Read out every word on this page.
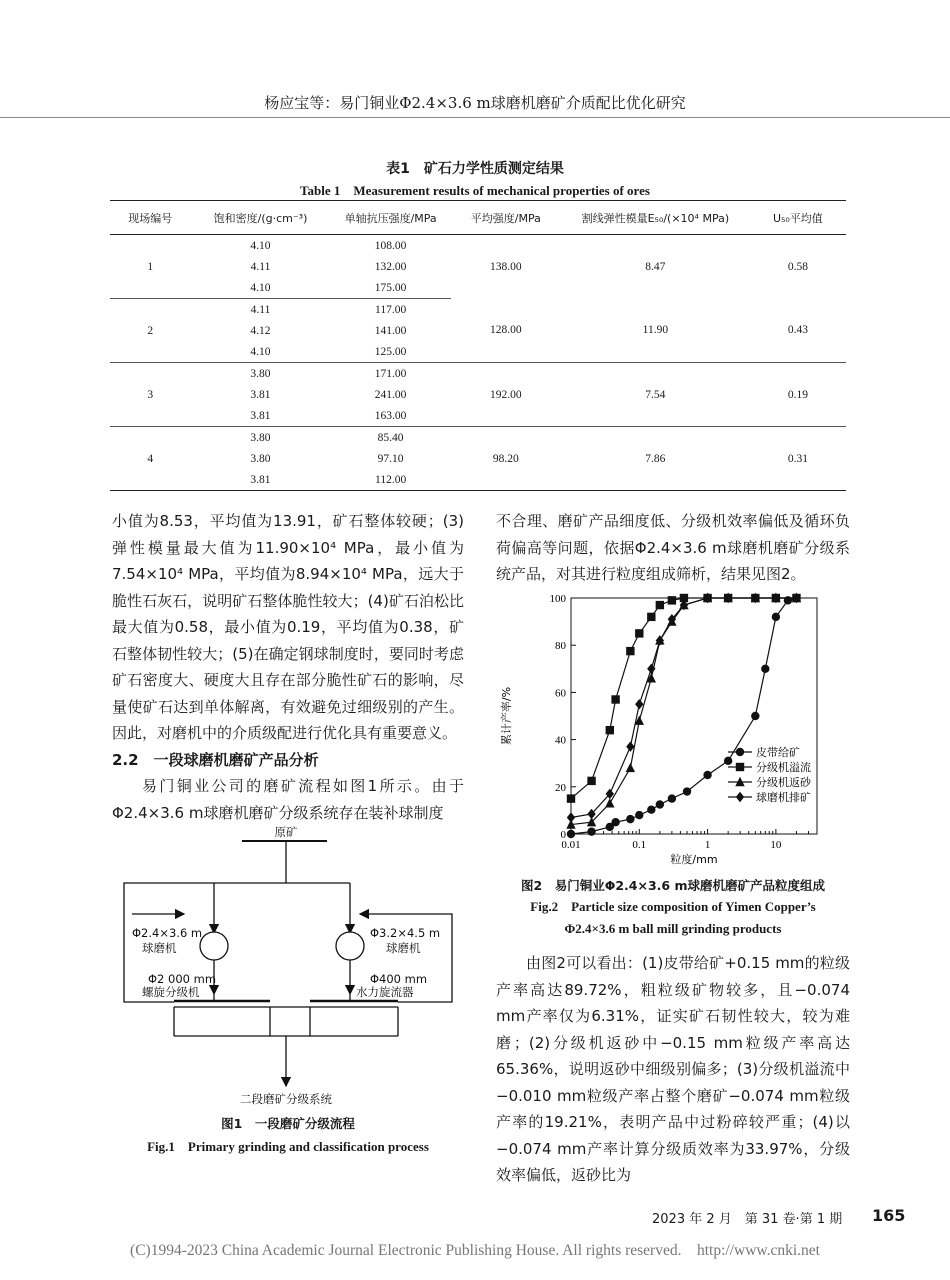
杨应宝等：易门铜业Φ2.4×3.6 m球磨机磨矿介质配比优化研究
表1　矿石力学性质测定结果
Table 1　Measurement results of mechanical properties of ores
现场编号	饱和密度/(g·cm⁻³)	单轴抗压强度/MPa	平均强度/MPa	割线弹性模量E₅₀/(×10⁴ MPa)	U₅₀平均值
1	4.10	108.00	138.00	8.47	0.58
	4.11	132.00			
	4.10	175.00			
2	4.11	117.00	128.00	11.90	0.43
	4.12	141.00			
	4.10	125.00			
3	3.80	171.00	192.00	7.54	0.19
	3.81	241.00			
	3.81	163.00			
4	3.80	85.40	98.20	7.86	0.31
	3.80	97.10			
	3.81	112.00			

小值为8.53，平均值为13.91，矿石整体较硬；(3)弹性模量最大值为11.90×10⁴ MPa，最小值为7.54×10⁴ MPa，平均值为8.94×10⁴ MPa，远大于脆性石灰石，说明矿石整体脆性较大；(4)矿石泊松比最大值为0.58，最小值为0.19，平均值为0.38，矿石整体韧性较大；(5)在确定钢球制度时，要同时考虑矿石密度大、硬度大且存在部分脆性矿石的影响，尽量使矿石达到单体解离，有效避免过细级别的产生。因此，对磨机中的介质级配进行优化具有重要意义。

2.2　一段球磨机磨矿产品分析

易门铜业公司的磨矿流程如图1所示。由于Φ2.4×3.6 m球磨机磨矿分级系统存在装补球制度

原矿
Φ2.4×3.6 m
球磨机
Φ3.2×4.5 m
球磨机
Φ2 000 mm
螺旋分级机
Φ400 mm
水力旋流器
二段磨矿分级系统
图1　一段磨矿分级流程
Fig.1　Primary grinding and classification process

不合理、磨矿产品细度低、分级机效率偏低及循环负荷偏高等问题，依据Φ2.4×3.6 m球磨机磨矿分级系统产品，对其进行粒度组成筛析，结果见图2。

0
20
40
60
80
100
0.01	0.1	1	10
皮带给矿
分级机溢流
分级机返砂
球磨机排矿
粒度/mm
累计产率/%
图2　易门铜业Φ2.4×3.6 m球磨机磨矿产品粒度组成
Fig.2　Particle size composition of Yimen Copper’s
Φ2.4×3.6 m ball mill grinding products

由图2可以看出：(1)皮带给矿+0.15 mm的粒级产率高达89.72%，粗粒级矿物较多，且−0.074 mm产率仅为6.31%，证实矿石韧性较大，较为难磨；(2)分级机返砂中−0.15 mm粒级产率高达65.36%，说明返砂中细级别偏多；(3)分级机溢流中−0.010 mm粒级产率占整个磨矿−0.074 mm粒级产率的19.21%，表明产品中过粉碎较严重；(4)以−0.074 mm产率计算分级质效率为33.97%，分级效率偏低，返砂比为

2023 年 2 月　第 31 卷·第 1 期 165
(C)1994-2023 China Academic Journal Electronic Publishing House. All rights reserved.　http://www.cnki.net
